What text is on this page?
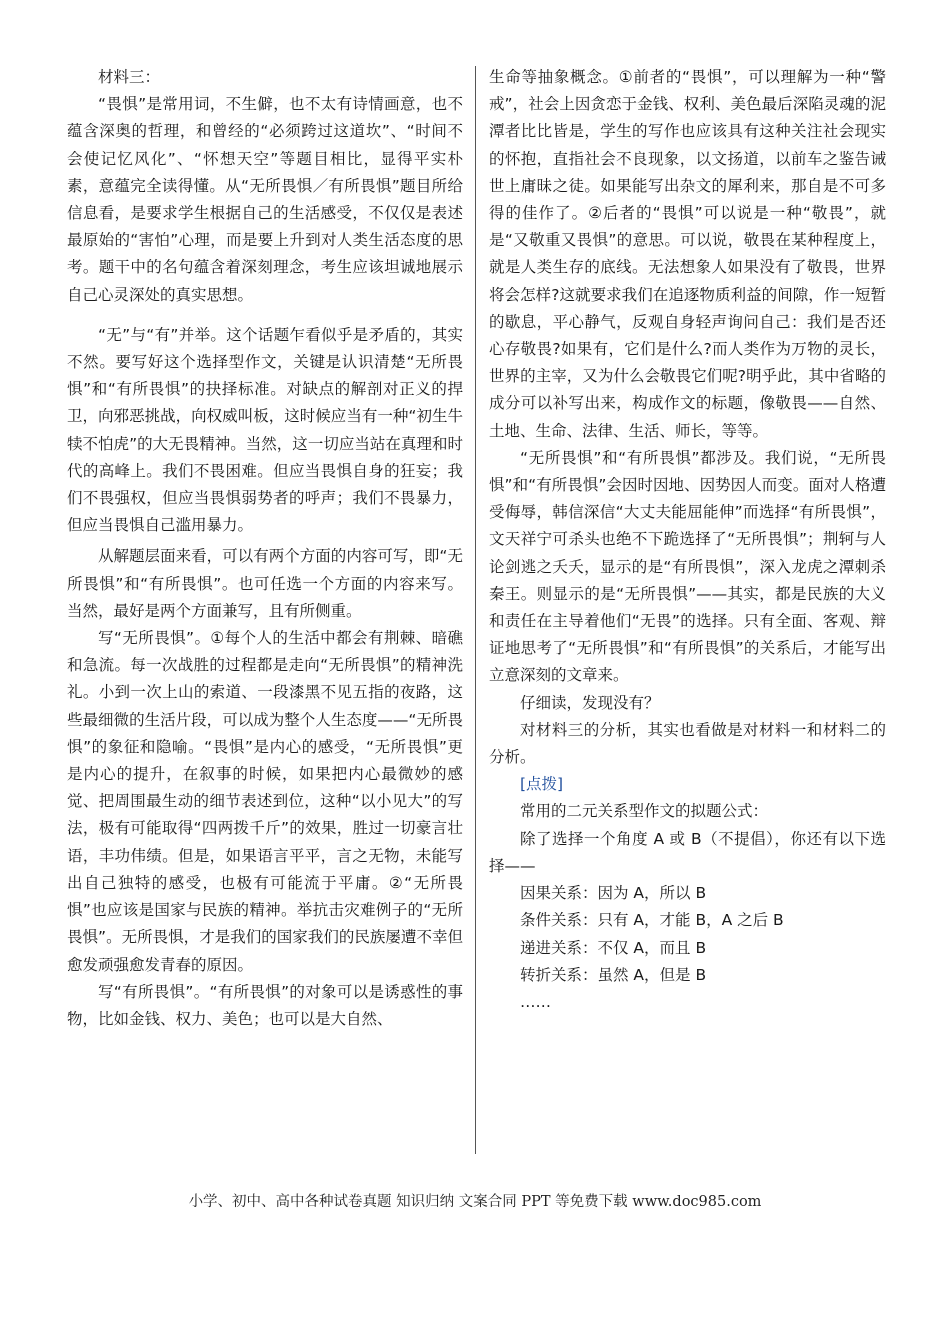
材料三：

“畏惧”是常用词，不生僻，也不太有诗情画意，也不蕴含深奥的哲理，和曾经的“必须跨过这道坎”、“时间不会使记忆风化”、“怀想天空”等题目相比，显得平实朴素，意蕴完全读得懂。从“无所畏惧／有所畏惧”题目所给信息看，是要求学生根据自己的生活感受，不仅仅是表述最原始的“害怕”心理，而是要上升到对人类生活态度的思考。题干中的名句蕴含着深刻理念，考生应该坦诚地展示自己心灵深处的真实思想。

“无”与“有”并举。这个话题乍看似乎是矛盾的，其实不然。要写好这个选择型作文，关键是认识清楚“无所畏惧”和“有所畏惧”的抉择标准。对缺点的解剖对正义的捍卫，向邪恶挑战，向权威叫板，这时候应当有一种“初生牛犊不怕虎”的大无畏精神。当然，这一切应当站在真理和时代的高峰上。我们不畏困难。但应当畏惧自身的狂妄；我们不畏强权，但应当畏惧弱势者的呼声；我们不畏暴力，但应当畏惧自己滥用暴力。

从解题层面来看，可以有两个方面的内容可写，即“无所畏惧”和“有所畏惧”。也可任选一个方面的内容来写。当然，最好是两个方面兼写，且有所侧重。

写“无所畏惧”。①每个人的生活中都会有荆棘、暗礁和急流。每一次战胜的过程都是走向“无所畏惧”的精神洗礼。小到一次上山的索道、一段漆黑不见五指的夜路，这些最细微的生活片段，可以成为整个人生态度——“无所畏惧”的象征和隐喻。“畏惧”是内心的感受，“无所畏惧”更是内心的提升，在叙事的时候，如果把内心最微妙的感觉、把周围最生动的细节表述到位，这种“以小见大”的写法，极有可能取得“四两拨千斤”的效果，胜过一切豪言壮语，丰功伟绩。但是，如果语言平平，言之无物，未能写出自己独特的感受，也极有可能流于平庸。②“无所畏惧”也应该是国家与民族的精神。举抗击灾难例子的“无所畏惧”。无所畏惧，才是我们的国家我们的民族屡遭不幸但愈发顽强愈发青春的原因。

写“有所畏惧”。“有所畏惧”的对象可以是诱惑性的事物，比如金钱、权力、美色；也可以是大自然、

生命等抽象概念。①前者的“畏惧”，可以理解为一种“警戒”，社会上因贪恋于金钱、权利、美色最后深陷灵魂的泥潭者比比皆是，学生的写作也应该具有这种关注社会现实的怀抱，直指社会不良现象，以文扬道，以前车之鉴告诫世上庸昧之徒。如果能写出杂文的犀利来，那自是不可多得的佳作了。②后者的“畏惧”可以说是一种“敬畏”，就是“又敬重又畏惧”的意思。可以说，敬畏在某种程度上，就是人类生存的底线。无法想象人如果没有了敬畏，世界将会怎样?这就要求我们在追逐物质利益的间隙，作一短暂的歇息，平心静气，反观自身轻声询问自己：我们是否还心存敬畏?如果有，它们是什么?而人类作为万物的灵长，世界的主宰，又为什么会敬畏它们呢?明乎此，其中省略的成分可以补写出来，构成作文的标题，像敬畏——自然、土地、生命、法律、生活、师长，等等。

“无所畏惧”和“有所畏惧”都涉及。我们说，“无所畏惧”和“有所畏惧”会因时因地、因势因人而变。面对人格遭受侮辱，韩信深信“大丈夫能屈能伸”而选择“有所畏惧”，文天祥宁可杀头也绝不下跪选择了“无所畏惧”；荆轲与人论剑逃之夭夭，显示的是“有所畏惧”，深入龙虎之潭刺杀秦王。则显示的是“无所畏惧”——其实，都是民族的大义和责任在主导着他们“无畏”的选择。只有全面、客观、辩证地思考了“无所畏惧”和“有所畏惧”的关系后，才能写出立意深刻的文章来。

仔细读，发现没有？

对材料三的分析，其实也看做是对材料一和材料二的分析。

[点拨]

常用的二元关系型作文的拟题公式：

除了选择一个角度 A 或 B（不提倡），你还有以下选择——

因果关系：因为 A，所以 B

条件关系：只有 A，才能 B，A 之后 B

递进关系：不仅 A，而且 B

转折关系：虽然 A，但是 B

……

小学、初中、高中各种试卷真题 知识归纳 文案合同 PPT 等免费下载 www.doc985.com
